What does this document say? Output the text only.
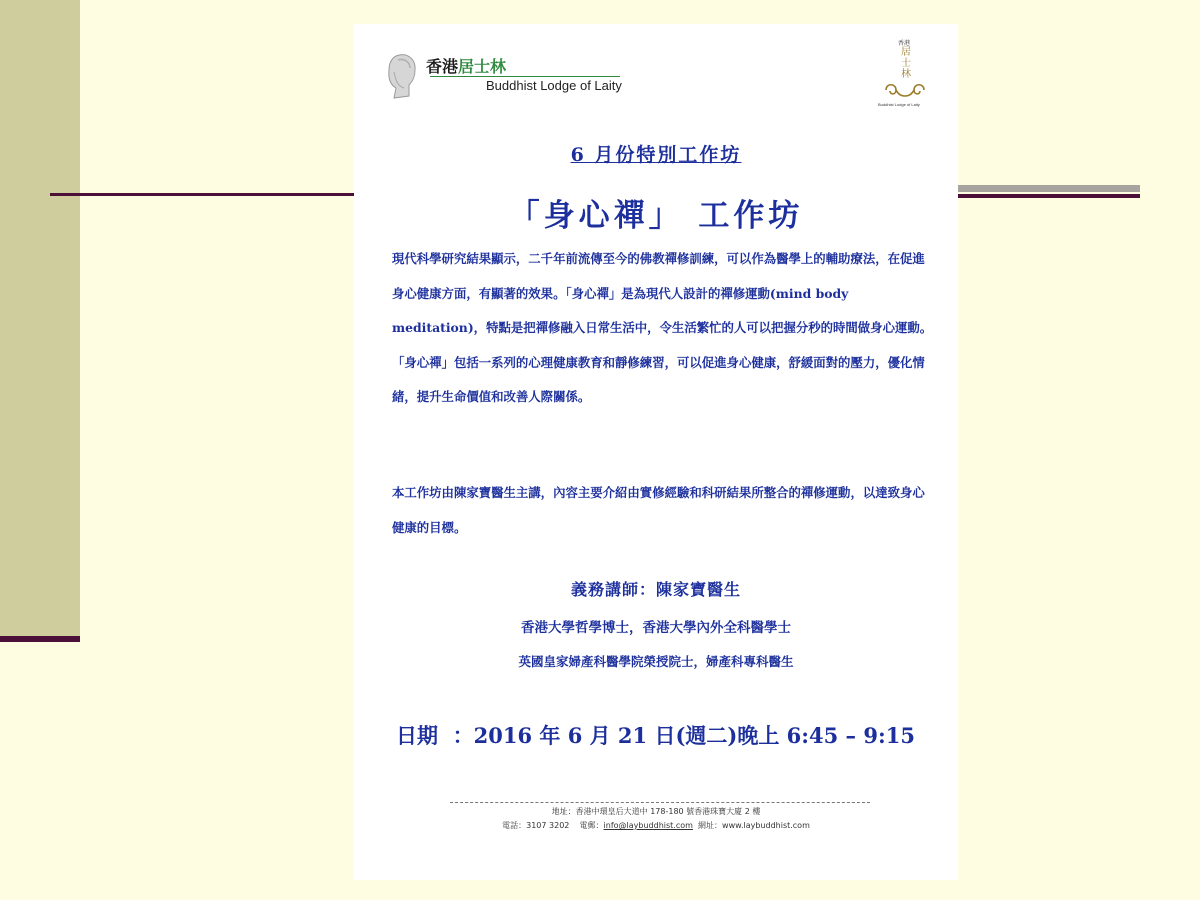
香港居士林
Buddhist Lodge of Laity
香港
居士林
Buddhist Lodge of Laity
6 月份特別工作坊
「身心禪」 工作坊

現代科學研究結果顯示，二千年前流傳至今的佛教禪修訓練，可以作為醫學上的輔助療法，在促進身心健康方面，有顯著的效果。「身心禪」是為現代人設計的禪修運動(mind body meditation)，特點是把禪修融入日常生活中，令生活繁忙的人可以把握分秒的時間做身心運動。「身心禪」包括一系列的心理健康教育和靜修練習，可以促進身心健康，舒緩面對的壓力，優化情緒，提升生命價值和改善人際關係。

本工作坊由陳家寶醫生主講，內容主要介紹由實修經驗和科研結果所整合的禪修運動，以達致身心健康的目標。

義務講師：陳家寶醫生
香港大學哲學博士，香港大學內外全科醫學士
英國皇家婦產科醫學院榮授院士，婦產科專科醫生
日期  ：2016 年 6 月 21 日(週二)晚上 6:45 – 9:15
地址：香港中環皇后大道中 178-180 號香港珠寶大廈 2 樓
電話：3107 3202 電郵：info@laybuddhist.com 網址：www.laybuddhist.com
